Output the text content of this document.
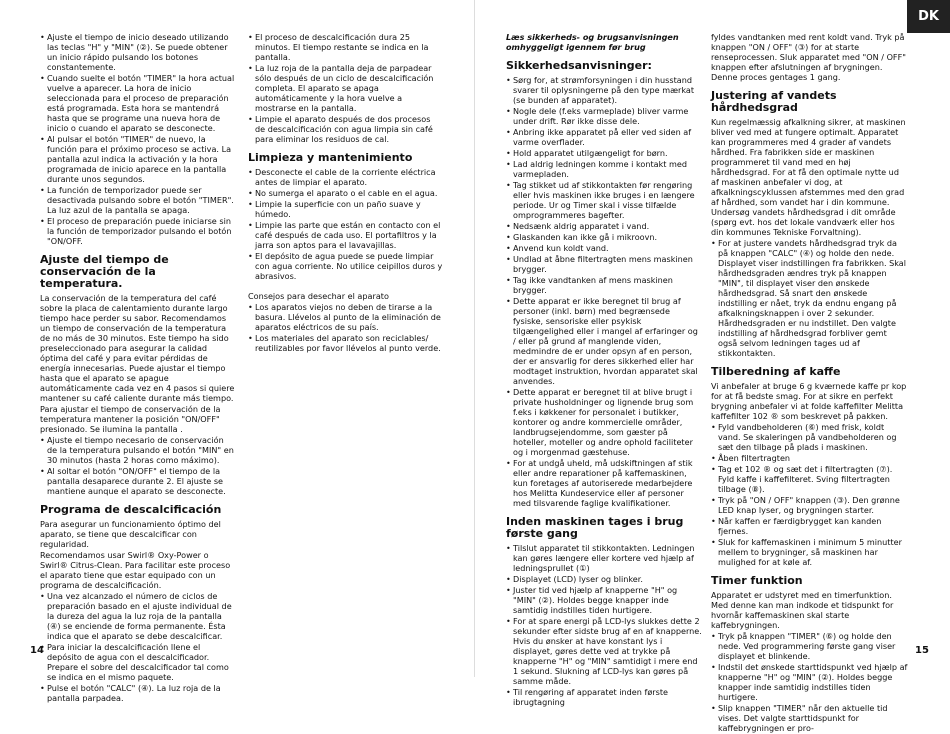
DK
• Ajuste el tiempo de inicio deseado utilizando las teclas "H" y "MIN" (②). Se puede obtener un inicio rápido pulsando los botones constantemente.
• Cuando suelte el botón "TIMER" la hora actual vuelve a aparecer. La hora de inicio seleccionada para el proceso de preparación está programada. Esta hora se mantendrá hasta que se programe una nueva hora de inicio o cuando el aparato se desconecte.
• Al pulsar el botón "TIMER" de nuevo, la función para el próximo proceso se activa. La pantalla azul indica la activación y la hora programada de inicio aparece en la pantalla durante unos segundos.
• La función de temporizador puede ser desactivada pulsando sobre el botón "TIMER". La luz azul de la pantalla se apaga.
• El proceso de preparación puede iniciarse sin la función de temporizador pulsando el botón "ON/OFF.
Ajuste del tiempo de conservación de la temperatura.

La conservación de la temperatura del café sobre la placa de calentamiento durante largo tiempo hace perder su sabor. Recomendamos un tiempo de conservación de la temperatura de no más de 30 minutos. Este tiempo ha sido preseleccionado para asegurar la calidad óptima del café y para evitar pérdidas de energía innecesarias. Puede ajustar el tiempo hasta que el aparato se apague automáticamente cada vez en 4 pasos si quiere mantener su café caliente durante más tiempo.

Para ajustar el tiempo de conservación de la temperatura mantener la posición "ON/OFF" presionado. Se ilumina la pantalla .

• Ajuste el tiempo necesario de conservación de la temperatura pulsando el botón "MIN" en 30 minutos (hasta 2 horas como máximo).
• Al soltar el botón "ON/OFF" el tiempo de la pantalla desaparece durante 2. El ajuste se mantiene aunque el aparato se desconecte.
Programa de descalcificación

Para asegurar un funcionamiento óptimo del aparato, se tiene que descalcificar con regularidad.

Recomendamos usar Swirl® Oxy-Power o Swirl® Citrus-Clean. Para facilitar este proceso el aparato tiene que estar equipado con un programa de descalcificación.

• Una vez alcanzado el número de ciclos de preparación basado en el ajuste individual de la dureza del agua la luz roja de la pantalla (④) se enciende de forma permanente. Ésta indica que el aparato se debe descalcificar.
• Para iniciar la descalcificación llene el depósito de agua con el descalcificador. Prepare el sobre del descalcificador tal como se indica en el mismo paquete.
• Pulse el botón "CALC" (④). La luz roja de la pantalla parpadea.
• El proceso de descalcificación dura 25 minutos. El tiempo restante se indica en la pantalla.
• La luz roja de la pantalla deja de parpadear sólo después de un ciclo de descalcificación completa. El aparato se apaga automáticamente y la hora vuelve a mostrarse en la pantalla.
• Limpie el aparato después de dos procesos de descalcificación con agua limpia sin café para eliminar los residuos de cal.
Limpieza y mantenimiento
• Desconecte el cable de la corriente eléctrica antes de limpiar el aparato.
• No sumerga el aparato o el cable en el agua.
• Limpie la superficie con un paño suave y húmedo.
• Limpie las parte que están en contacto con el café después de cada uso. El portafiltros y la jarra son aptos para el lavavajillas.
• El depósito de agua puede se puede limpiar con agua corriente. No utilice ceipillos duros y abrasivos.

Consejos para desechar el aparato

• Los aparatos viejos no deben de tirarse a la basura. Llévelos al punto de la eliminación de aparatos eléctricos de su país.
• Los materiales del aparato son reciclables/ reutilizables por favor llévelos al punto verde.

Læs sikkerheds- og brugsanvisningen omhyggeligt igennem før brug

Sikkerhedsanvisninger:
• Sørg for, at strømforsyningen i din husstand svarer til oplysningerne på den type mærkat (se bunden af apparatet).
• Nogle dele (f.eks varmeplade) bliver varme under drift. Rør ikke disse dele.
• Anbring ikke apparatet på eller ved siden af varme overflader.
• Hold apparatet utilgængeligt for børn.
• Lad aldrig ledningen komme i kontakt med varmepladen.
• Tag stikket ud af stikkontakten før rengøring eller hvis maskinen ikke bruges i en længere periode. Ur og Timer skal i visse tilfælde omprogrammeres bagefter.
• Nedsænk aldrig apparatet i vand.
• Glaskanden kan ikke gå i mikroovn.
• Anvend kun koldt vand.
• Undlad at åbne filtertragten mens maskinen brygger.
• Tag ikke vandtanken af mens maskinen brygger.
• Dette apparat er ikke beregnet til brug af personer (inkl. børn) med begrænsede fysiske, sensoriske eller psykisk tilgængelighed eller i mangel af erfaringer og / eller på grund af manglende viden, medmindre de er under opsyn af en person, der er ansvarlig for deres sikkerhed eller har modtaget instruktion, hvordan apparatet skal anvendes.
• Dette apparat er beregnet til at blive brugt i private husholdninger og lignende brug som f.eks i køkkener for personalet i butikker, kontorer og andre kommercielle områder, landbrugsejendomme, som gæster på hoteller, moteller og andre ophold faciliteter og i morgenmad gæstehuse.
• For at undgå uheld, må udskiftningen af stik eller andre reparationer på kaffemaskinen, kun foretages af autoriserede medarbejdere hos Melitta Kundeservice eller af personer med tilsvarende faglige kvalifikationer.
Inden maskinen tages i brug første gang
• Tilslut apparatet til stikkontakten. Ledningen kan gøres længere eller kortere ved hjælp af ledningsprullet (①)
• Displayet (LCD) lyser og blinker.
• Juster tid ved hjælp af knapperne "H" og "MIN" (②). Holdes begge knapper inde samtidig indstilles tiden hurtigere.
• For at spare energi på LCD-lys slukkes dette 2 sekunder efter sidste brug af en af knapperne. Hvis du ønsker at have konstant lys i displayet, gøres dette ved at trykke på knapperne "H" og "MIN" samtidigt i mere end 1 sekund. Slukning af LCD-lys kan gøres på samme måde.
• Til rengøring af apparatet inden første ibrugtagning

fyldes vandtanken med rent koldt vand. Tryk på knappen "ON / OFF" (③) for at starte renseprocessen. Sluk apparatet med "ON / OFF" knappen efter afslutningen af brygningen. Denne proces gentages 1 gang.

Justering af vandets hårdhedsgrad

Kun regelmæssig afkalkning sikrer, at maskinen bliver ved med at fungere optimalt. Apparatet kan programmeres med 4 grader af vandets hårdhed. Fra fabrikken side er maskinen programmeret til vand med en høj hårdhedsgrad. For at få den optimale nytte ud af maskinen anbefaler vi dog, at afkalkningscyklussen afstemmes med den grad af hårdhed, som vandet har i din kommune. Undersøg vandets hårdhedsgrad i dit område (spørg evt. hos det lokale vandværk eller hos din kommunes Tekniske Forvaltning).

• For at justere vandets hårdhedsgrad tryk da på knappen "CALC" (④) og holde den nede. Displayet viser indstillingen fra fabrikken. Skal hårdhedsgraden ændres tryk på knappen "MIN", til displayet viser den ønskede hårdhedsgrad. Så snart den ønskede indstilling er nået, tryk da endnu engang på afkalkningsknappen i over 2 sekunder. Hårdhedsgraden er nu indstillet. Den valgte indstilling af hårdhedsgrad forbliver gemt også selvom ledningen tages ud af stikkontakten.
Tilberedning af kaffe

Vi anbefaler at bruge 6 g kværnede kaffe pr kop for at få bedste smag. For at sikre en perfekt brygning anbefaler vi at folde kaffefilter Melitta kaffefilter 102 ® som beskrevet på pakken.

• Fyld vandbeholderen (⑥) med frisk, koldt vand. Se skaleringen på vandbeholderen og sæt den tilbage på plads i maskinen.
• Åben filtertragten
• Tag et 102 ® og sæt det i filtertragten (⑦). Fyld kaffe i kaffefilteret. Sving filtertragten tilbage (⑧).
• Tryk på "ON / OFF" knappen (③). Den grønne LED knap lyser, og brygningen starter.
• Når kaffen er færdigbrygget kan kanden fjernes.
• Sluk for kaffemaskinen i minimum 5 minutter mellem to brygninger, så maskinen har mulighed for at køle af.
Timer funktion

Apparatet er udstyret med en timerfunktion. Med denne kan man indkode et tidspunkt for hvornår kaffemaskinen skal starte kaffebrygningen.

• Tryk på knappen "TIMER" (⑥) og holde den nede. Ved programmering første gang viser displayet et blinkende.
• Indstil det ønskede starttidspunkt ved hjælp af knapperne "H" og "MIN" (②). Holdes begge knapper inde samtidig indstilles tiden hurtigere.
• Slip knappen "TIMER" når den aktuelle tid vises. Det valgte starttidspunkt for kaffebrygningen er pro-
14	15
